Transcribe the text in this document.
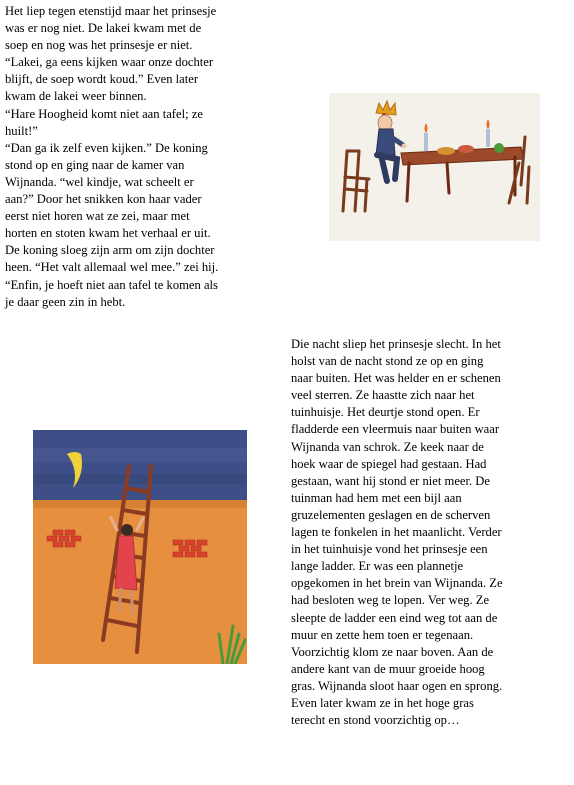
Het liep tegen etenstijd maar het prinsesje

was er nog niet. De lakei kwam met de

soep en nog was het prinsesje er niet.

“Lakei, ga eens kijken waar onze dochter

blijft, de soep wordt koud.” Even later

kwam de lakei weer binnen.

“Hare Hoogheid komt niet aan tafel; ze

huilt!”

“Dan ga ik zelf even kijken.” De koning

stond op en ging naar de kamer van

Wijnanda. “wel kindje, wat scheelt er

aan?” Door het snikken kon haar vader

eerst niet horen wat ze zei, maar met

horten en stoten kwam het verhaal er uit.

De koning sloeg zijn arm om zijn dochter

heen. “Het valt allemaal wel mee.” zei hij.

“Enfin, je hoeft niet aan tafel te komen als

je daar geen zin in hebt.

Die nacht sliep het prinsesje slecht. In het

holst van de nacht stond ze op en ging

naar buiten. Het was helder en er schenen

veel sterren. Ze haastte zich naar het

tuinhuisje. Het deurtje stond open. Er

fladderde een vleermuis naar buiten waar

Wijnanda van schrok. Ze keek naar de

hoek waar de spiegel had gestaan. Had

gestaan, want hij stond er niet meer. De

tuinman had hem met een bijl aan

gruzelementen geslagen en de scherven

lagen te fonkelen in het maanlicht. Verder

in het tuinhuisje vond het prinsesje een

lange ladder. Er was een plannetje

opgekomen in het brein van Wijnanda. Ze

had besloten weg te lopen. Ver weg. Ze

sleepte de ladder een eind weg tot aan de

muur en zette hem toen er tegenaan.

Voorzichtig klom ze naar boven. Aan de

andere kant van de muur groeide hoog

gras. Wijnanda sloot haar ogen en sprong.

Even later kwam ze in het hoge gras

terecht en stond voorzichtig op…
